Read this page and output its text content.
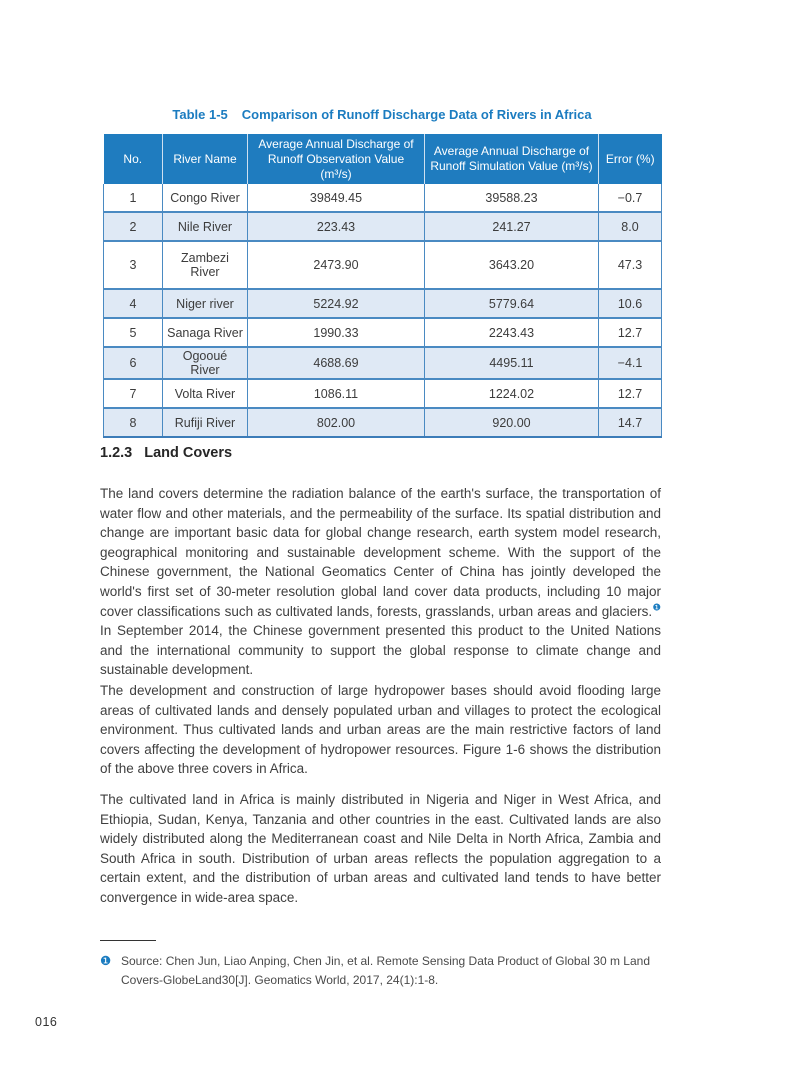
Table 1-5 Comparison of Runoff Discharge Data of Rivers in Africa
No.	River Name	Average Annual Discharge of Runoff Observation Value (m³/s)	Average Annual Discharge of Runoff Simulation Value (m³/s)	Error (%)
1	Congo River	39849.45	39588.23	−0.7
2	Nile River	223.43	241.27	8.0
3	Zambezi River	2473.90	3643.20	47.3
4	Niger river	5224.92	5779.64	10.6
5	Sanaga River	1990.33	2243.43	12.7
6	Ogooué River	4688.69	4495.11	−4.1
7	Volta River	1086.11	1224.02	12.7
8	Rufiji River	802.00	920.00	14.7
1.2.3 Land Covers
The land covers determine the radiation balance of the earth's surface, the transportation of water flow and other materials, and the permeability of the surface. Its spatial distribution and change are important basic data for global change research, earth system model research, geographical monitoring and sustainable development scheme. With the support of the Chinese government, the National Geomatics Center of China has jointly developed the world's first set of 30-meter resolution global land cover data products, including 10 major cover classifications such as cultivated lands, forests, grasslands, urban areas and glaciers.$^❶$ In September 2014, the Chinese government presented this product to the United Nations and the international community to support the global response to climate change and sustainable development.
The development and construction of large hydropower bases should avoid flooding large areas of cultivated lands and densely populated urban and villages to protect the ecological environment. Thus cultivated lands and urban areas are the main restrictive factors of land covers affecting the development of hydropower resources. Figure 1-6 shows the distribution of the above three covers in Africa.
The cultivated land in Africa is mainly distributed in Nigeria and Niger in West Africa, and Ethiopia, Sudan, Kenya, Tanzania and other countries in the east. Cultivated lands are also widely distributed along the Mediterranean coast and Nile Delta in North Africa, Zambia and South Africa in south. Distribution of urban areas reflects the population aggregation to a certain extent, and the distribution of urban areas and cultivated land tends to have better convergence in wide-area space.
❶ Source: Chen Jun, Liao Anping, Chen Jin, et al. Remote Sensing Data Product of Global 30 m Land Covers-GlobeLand30[J]. Geomatics World, 2017, 24(1):1-8.
016
